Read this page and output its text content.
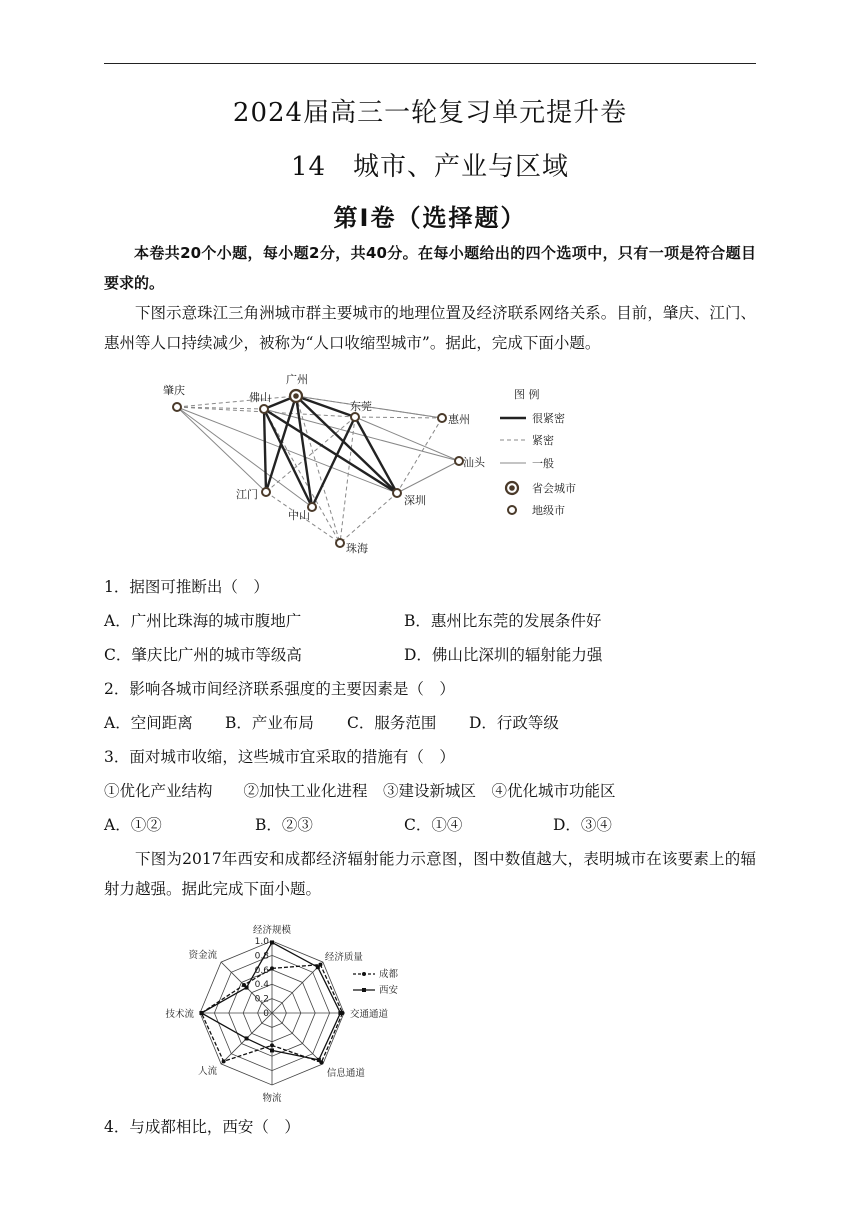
2024届高三一轮复习单元提升卷
14　城市、产业与区域
第Ⅰ卷（选择题）
本卷共20个小题，每小题2分，共40分。在每小题给出的四个选项中，只有一项是符合题目要求的。
下图示意珠江三角洲城市群主要城市的地理位置及经济联系网络关系。目前，肇庆、江门、惠州等人口持续减少，被称为“人口收缩型城市”。据此，完成下面小题。
广州
肇庆
佛山
东莞
惠州
汕头
江门
中山
深圳
珠海
图 例
很紧密
紧密
一般
省会城市
地级市
1．据图可推断出（　）
A．广州比珠海的城市腹地广	B．惠州比东莞的发展条件好
C．肇庆比广州的城市等级高	D．佛山比深圳的辐射能力强
2．影响各城市间经济联系强度的主要因素是（　）
A．空间距离 B．产业布局 C．服务范围 D．行政等级
3．面对城市收缩，这些城市宜采取的措施有（　）
①优化产业结构　　②加快工业化进程　③建设新城区　④优化城市功能区
A．①②	B．②③	C．①④	D．③④
下图为2017年西安和成都经济辐射能力示意图，图中数值越大，表明城市在该要素上的辐射力越强。据此完成下面小题。
0
0.2
0.4
0.6
0.8
1.0
经济规模
经济质量
交通通道
信息通道
物流
人流
技术流
资金流
成都
西安
4．与成都相比，西安（　）
